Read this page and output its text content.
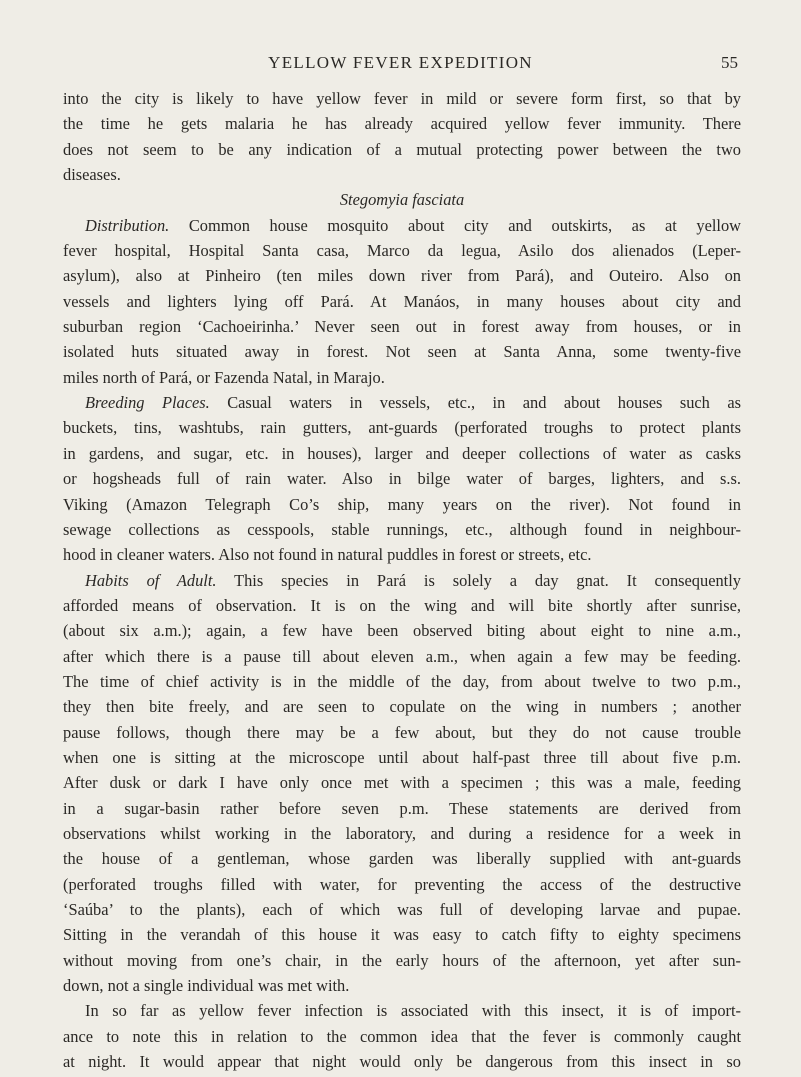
YELLOW FEVER EXPEDITION	55
into the city is likely to have yellow fever in mild or severe form first, so that by
the time he gets malaria he has already acquired yellow fever immunity. There
does not seem to be any indication of a mutual protecting power between the two
diseases.
Stegomyia fasciata
Distribution. Common house mosquito about city and outskirts, as at yellow
fever hospital, Hospital Santa casa, Marco da legua, Asilo dos alienados (Leper-
asylum), also at Pinheiro (ten miles down river from Pará), and Outeiro. Also on
vessels and lighters lying off Pará. At Manáos, in many houses about city and
suburban region ‘Cachoeirinha.’ Never seen out in forest away from houses, or in
isolated huts situated away in forest. Not seen at Santa Anna, some twenty-five
miles north of Pará, or Fazenda Natal, in Marajo.
Breeding Places. Casual waters in vessels, etc., in and about houses such as
buckets, tins, washtubs, rain gutters, ant-guards (perforated troughs to protect plants
in gardens, and sugar, etc. in houses), larger and deeper collections of water as casks
or hogsheads full of rain water. Also in bilge water of barges, lighters, and s.s.
Viking (Amazon Telegraph Co’s ship, many years on the river). Not found in
sewage collections as cesspools, stable runnings, etc., although found in neighbour-
hood in cleaner waters. Also not found in natural puddles in forest or streets, etc.
Habits of Adult. This species in Pará is solely a day gnat. It consequently
afforded means of observation. It is on the wing and will bite shortly after sunrise,
(about six a.m.); again, a few have been observed biting about eight to nine a.m.,
after which there is a pause till about eleven a.m., when again a few may be feeding.
The time of chief activity is in the middle of the day, from about twelve to two p.m.,
they then bite freely, and are seen to copulate on the wing in numbers ; another
pause follows, though there may be a few about, but they do not cause trouble
when one is sitting at the microscope until about half-past three till about five p.m.
After dusk or dark I have only once met with a specimen ; this was a male, feeding
in a sugar-basin rather before seven p.m. These statements are derived from
observations whilst working in the laboratory, and during a residence for a week in
the house of a gentleman, whose garden was liberally supplied with ant-guards
(perforated troughs filled with water, for preventing the access of the destructive
‘Saúba’ to the plants), each of which was full of developing larvae and pupae.
Sitting in the verandah of this house it was easy to catch fifty to eighty specimens
without moving from one’s chair, in the early hours of the afternoon, yet after sun-
down, not a single individual was met with.
In so far as yellow fever infection is associated with this insect, it is of import-
ance to note this in relation to the common idea that the fever is commonly caught
at night. It would appear that night would only be dangerous from this insect in so
